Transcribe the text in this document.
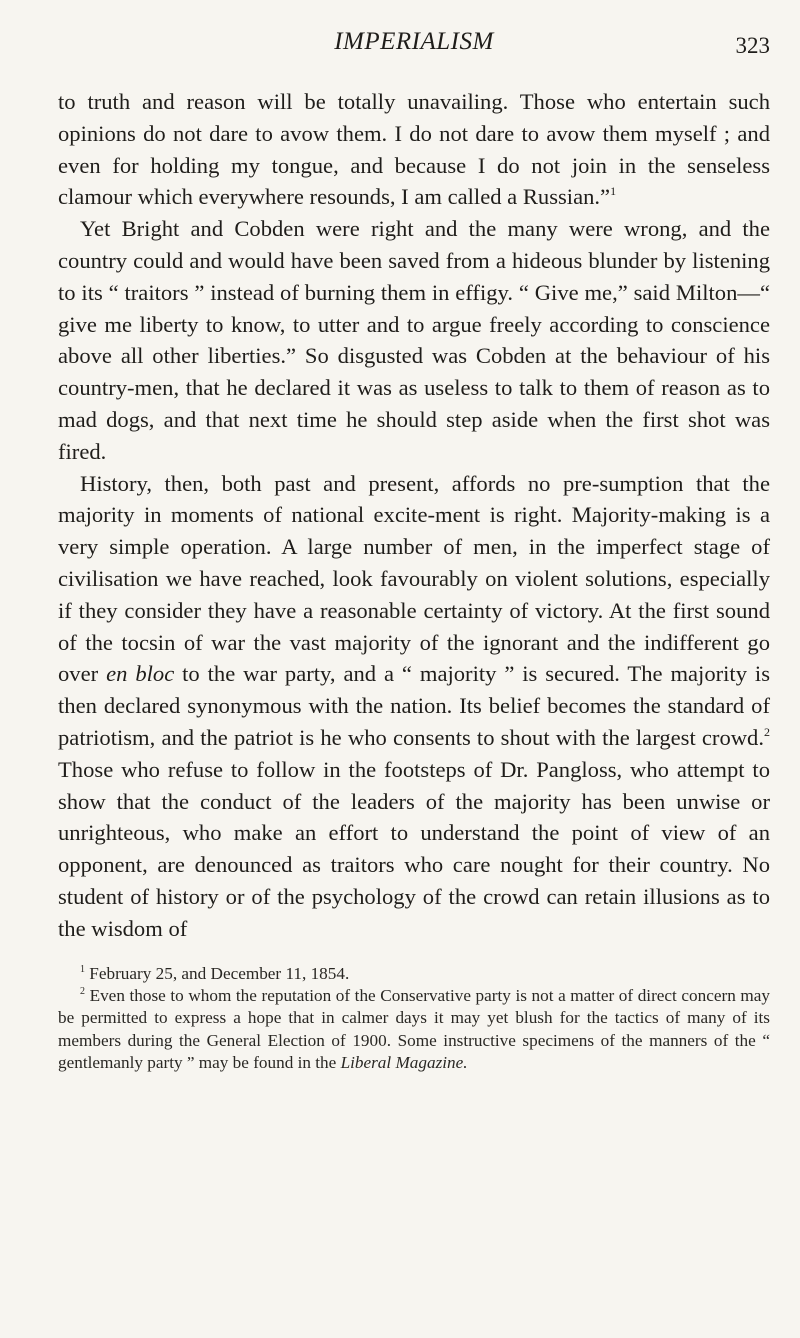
IMPERIALISM	323

to truth and reason will be totally unavailing. Those who entertain such opinions do not dare to avow them. I do not dare to avow them myself ; and even for holding my tongue, and because I do not join in the senseless clamour which everywhere resounds, I am called a Russian.”$^1$

Yet Bright and Cobden were right and the many were wrong, and the country could and would have been saved from a hideous blunder by listening to its “ traitors ” instead of burning them in effigy. “ Give me,” said Milton—“ give me liberty to know, to utter and to argue freely according to conscience above all other liberties.” So disgusted was Cobden at the behaviour of his country-men, that he declared it was as useless to talk to them of reason as to mad dogs, and that next time he should step aside when the first shot was fired.

History, then, both past and present, affords no pre-sumption that the majority in moments of national excite-ment is right. Majority-making is a very simple operation. A large number of men, in the imperfect stage of civilisation we have reached, look favourably on violent solutions, especially if they consider they have a reasonable certainty of victory. At the first sound of the tocsin of war the vast majority of the ignorant and the indifferent go over en bloc to the war party, and a “ majority ” is secured. The majority is then declared synonymous with the nation. Its belief becomes the standard of patriotism, and the patriot is he who consents to shout with the largest crowd.$^2$ Those who refuse to follow in the footsteps of Dr. Pangloss, who attempt to show that the conduct of the leaders of the majority has been unwise or unrighteous, who make an effort to understand the point of view of an opponent, are denounced as traitors who care nought for their country. No student of history or of the psychology of the crowd can retain illusions as to the wisdom of

$^1$ February 25, and December 11, 1854.

$^2$ Even those to whom the reputation of the Conservative party is not a matter of direct concern may be permitted to express a hope that in calmer days it may yet blush for the tactics of many of its members during the General Election of 1900. Some instructive specimens of the manners of the “ gentlemanly party ” may be found in the Liberal Magazine.
